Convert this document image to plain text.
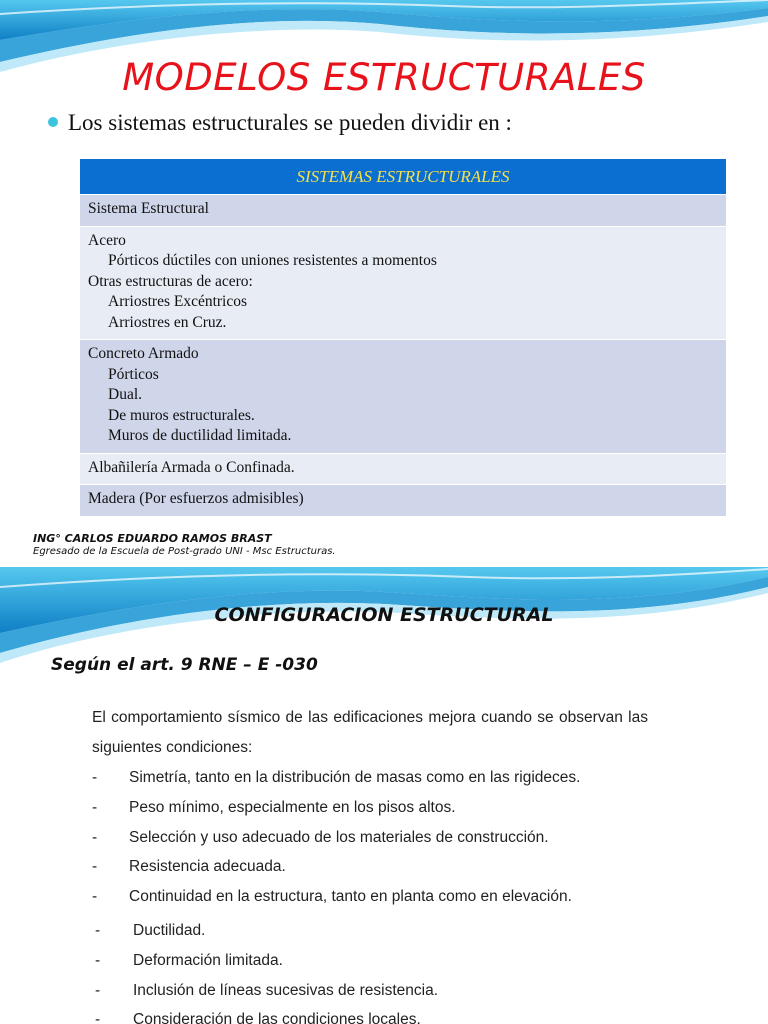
MODELOS ESTRUCTURALES
Los sistemas estructurales se pueden dividir en :
SISTEMAS ESTRUCTURALES

Sistema Estructural

Acero
Pórticos dúctiles con uniones resistentes a momentos
Otras estructuras de acero:
Arriostres Excéntricos
Arriostres en Cruz.

Concreto Armado
Pórticos
Dual.
De muros estructurales.
Muros de ductilidad limitada.

Albañilería Armada o Confinada.

Madera (Por esfuerzos admisibles)
ING° CARLOS EDUARDO RAMOS BRAST
Egresado de la Escuela de Post-grado UNI - Msc Estructuras.
CONFIGURACION ESTRUCTURAL
Según el art. 9 RNE – E -030
El comportamiento sísmico de las edificaciones mejora cuando se observan las siguientes condiciones:
- Simetría, tanto en la distribución de masas como en las rigideces.
- Peso mínimo, especialmente en los pisos altos.
- Selección y uso adecuado de los materiales de construcción.
- Resistencia adecuada.
- Continuidad en la estructura, tanto en planta como en elevación.
- Ductilidad.
- Deformación limitada.
- Inclusión de líneas sucesivas de resistencia.
- Consideración de las condiciones locales.
